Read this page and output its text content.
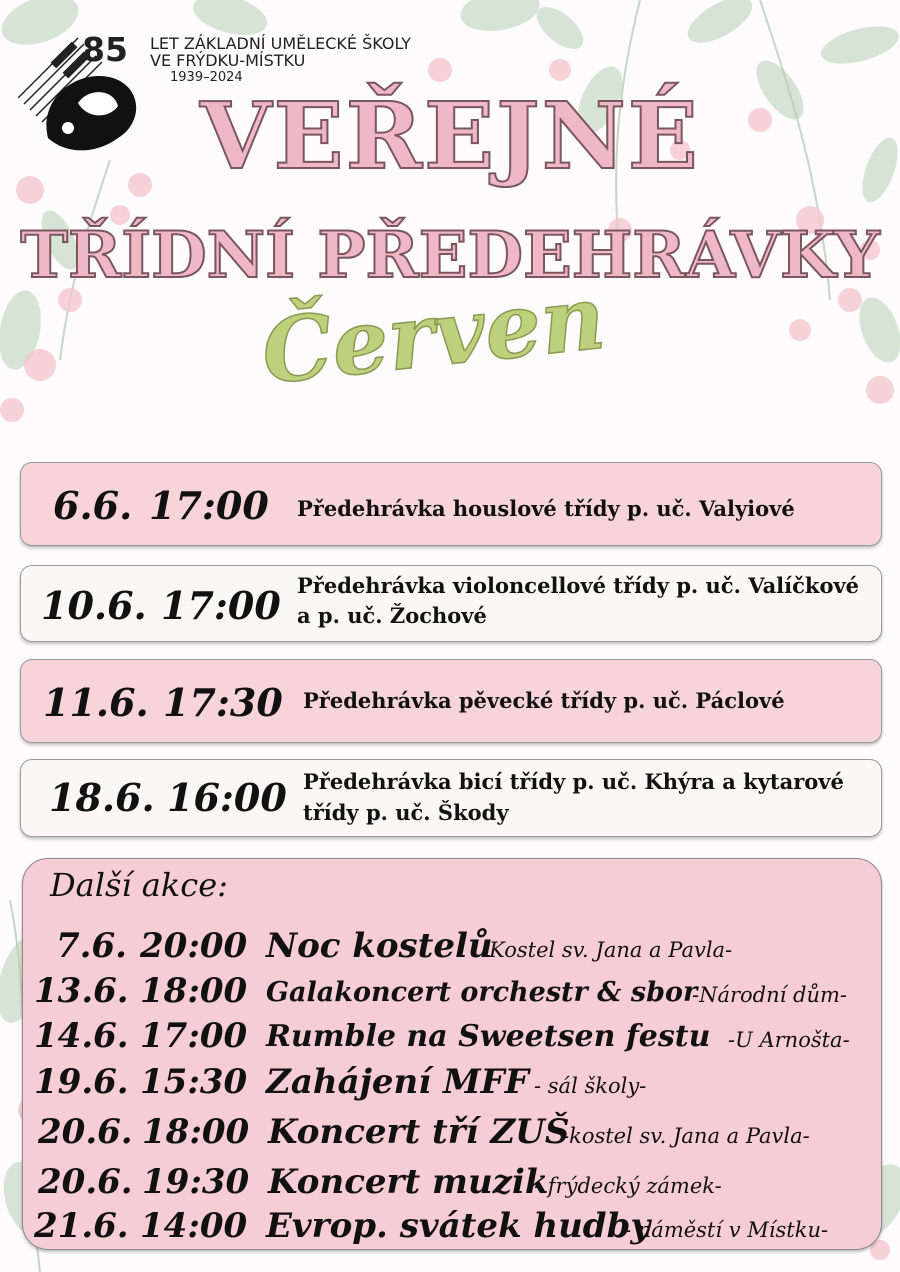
85 LET ZÁKLADNÍ UMĚLECKÉ ŠKOLY
VE FRÝDKU-MÍSTKU
1939–2024
VEŘEJNÉ
TŘÍDNÍ PŘEDEHRÁVKY
Červen
6.6. 17:00 Předehrávka houslové třídy p. uč. Valyiové
10.6. 17:00 Předehrávka violoncellové třídy p. uč. Valíčkové
a p. uč. Žochové
11.6. 17:30 Předehrávka pěvecké třídy p. uč. Páclové
18.6. 16:00 Předehrávka bicí třídy p. uč. Khýra a kytarové
třídy p. uč. Škody
Další akce:
7.6. 20:00 Noc kostelů
-Kostel sv. Jana a Pavla-
13.6. 18:00 Galakoncert orchestr & sbor
-Národní dům-
14.6. 17:00 Rumble na Sweetsen festu -U Arnošta-
19.6. 15:30 Zahájení MFF - sál školy-
20.6. 18:00 Koncert tří ZUŠ
-kostel sv. Jana a Pavla-
20.6. 19:30 Koncert muzik
- frýdecký zámek-
21.6. 14:00 Evrop. svátek hudby
- náměstí v Místku-
